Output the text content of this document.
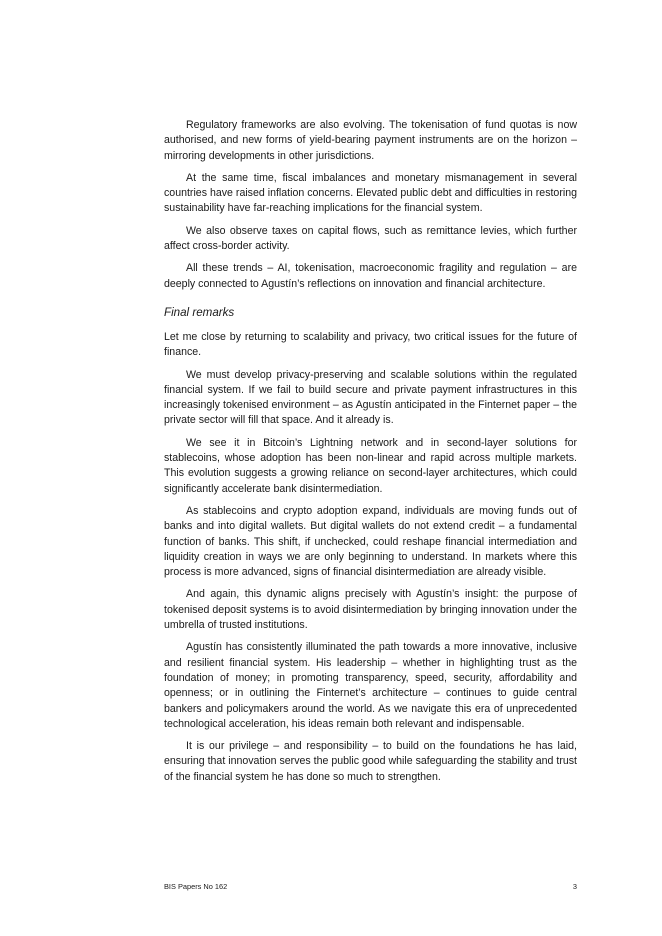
Regulatory frameworks are also evolving. The tokenisation of fund quotas is now authorised, and new forms of yield-bearing payment instruments are on the horizon – mirroring developments in other jurisdictions.

At the same time, fiscal imbalances and monetary mismanagement in several countries have raised inflation concerns. Elevated public debt and difficulties in restoring sustainability have far-reaching implications for the financial system.

We also observe taxes on capital flows, such as remittance levies, which further affect cross-border activity.

All these trends – AI, tokenisation, macroeconomic fragility and regulation – are deeply connected to Agustín’s reflections on innovation and financial architecture.

Final remarks

Let me close by returning to scalability and privacy, two critical issues for the future of finance.

We must develop privacy-preserving and scalable solutions within the regulated financial system. If we fail to build secure and private payment infrastructures in this increasingly tokenised environment – as Agustín anticipated in the Finternet paper – the private sector will fill that space. And it already is.

We see it in Bitcoin’s Lightning network and in second-layer solutions for stablecoins, whose adoption has been non-linear and rapid across multiple markets. This evolution suggests a growing reliance on second-layer architectures, which could significantly accelerate bank disintermediation.

As stablecoins and crypto adoption expand, individuals are moving funds out of banks and into digital wallets. But digital wallets do not extend credit – a fundamental function of banks. This shift, if unchecked, could reshape financial intermediation and liquidity creation in ways we are only beginning to understand. In markets where this process is more advanced, signs of financial disintermediation are already visible.

And again, this dynamic aligns precisely with Agustín’s insight: the purpose of tokenised deposit systems is to avoid disintermediation by bringing innovation under the umbrella of trusted institutions.

Agustín has consistently illuminated the path towards a more innovative, inclusive and resilient financial system. His leadership – whether in highlighting trust as the foundation of money; in promoting transparency, speed, security, affordability and openness; or in outlining the Finternet’s architecture – continues to guide central bankers and policymakers around the world. As we navigate this era of unprecedented technological acceleration, his ideas remain both relevant and indispensable.

It is our privilege – and responsibility – to build on the foundations he has laid, ensuring that innovation serves the public good while safeguarding the stability and trust of the financial system he has done so much to strengthen.

BIS Papers No 162	3
